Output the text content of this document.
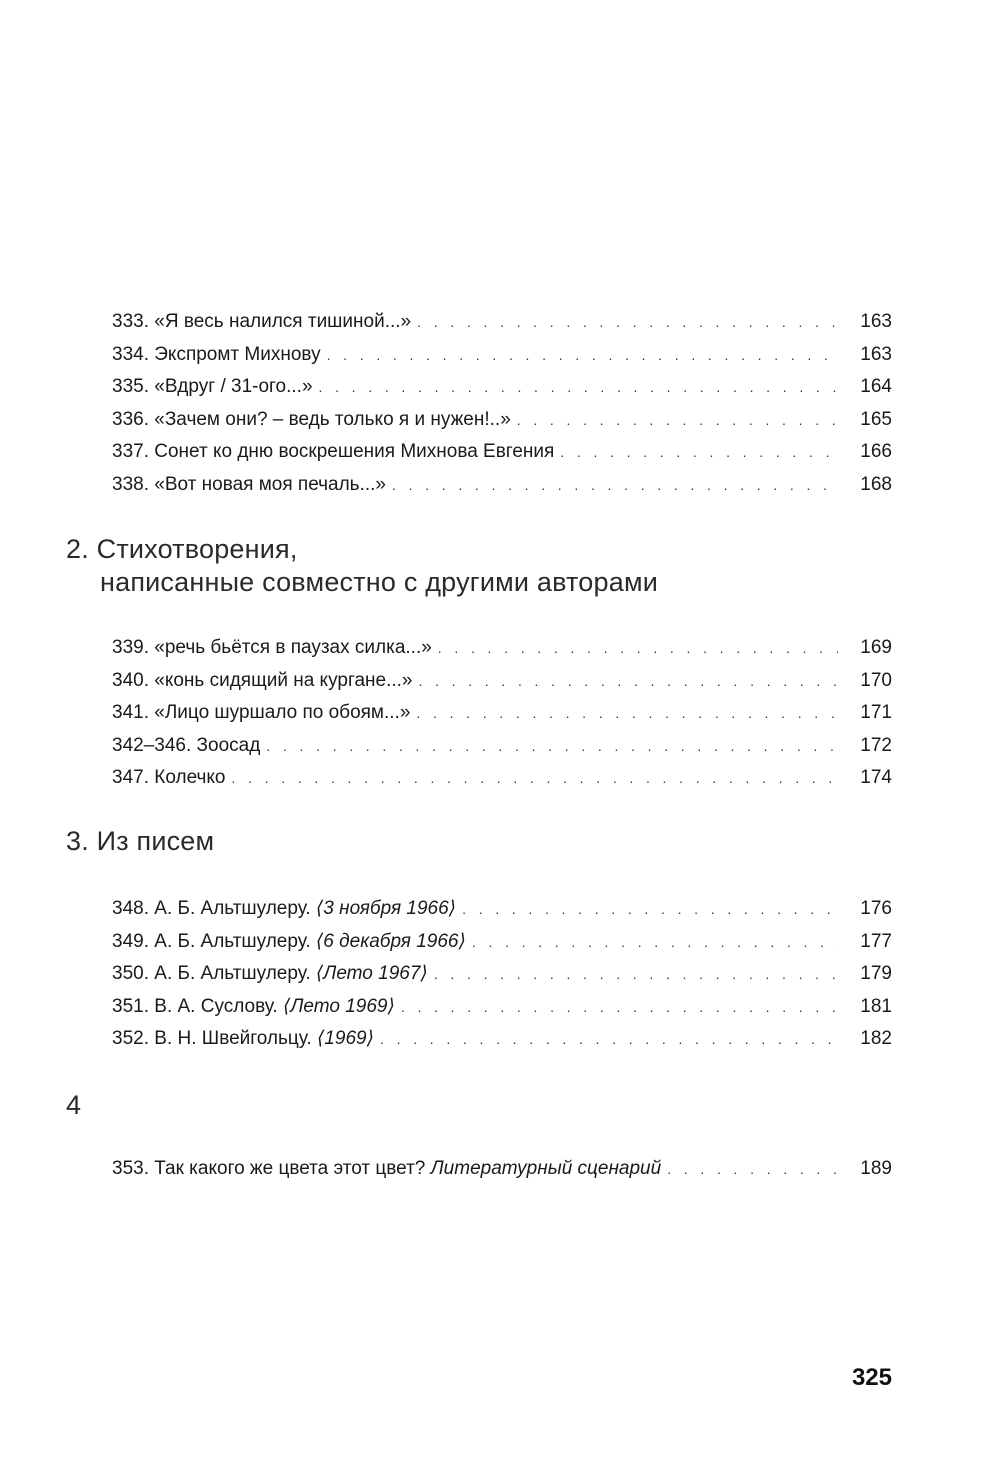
333. «Я весь налился тишиной...» . . .	163
334. Экспромт Михнову . . .	163
335. «Вдруг / 31-ого...» . . .	164
336. «Зачем они? – ведь только я и нужен!..» . . .	165
337. Сонет ко дню воскрешения Михнова Евгения . . .	166
338. «Вот новая моя печаль...» . . .	168
2. Стихотворения,
написанные совместно с другими авторами
339. «речь бьётся в паузах силка...» . . .	169
340. «конь сидящий на кургане...» . . .	170
341. «Лицо шуршало по обоям...» . . .	171
342–346. Зоосад . . .	172
347. Колечко . . .	174
3. Из писем
348. А. Б. Альтшулеру. ⟨3 ноября 1966⟩ . . .	176
349. А. Б. Альтшулеру. ⟨6 декабря 1966⟩ . . .	177
350. А. Б. Альтшулеру. ⟨Лето 1967⟩ . . .	179
351. В. А. Суслову. ⟨Лето 1969⟩ . . .	181
352. В. Н. Швейгольцу. ⟨1969⟩ . . .	182
4
353. Так какого же цвета этот цвет? Литературный сценарий . . .	189
325
